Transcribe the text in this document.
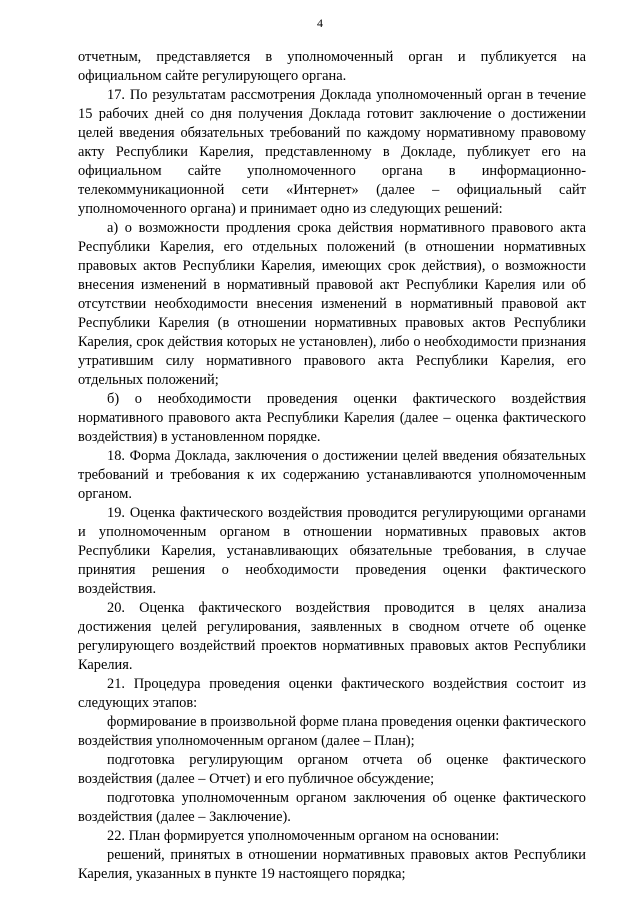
4

отчетным, представляется в уполномоченный орган и публикуется на официальном сайте регулирующего органа.

17. По результатам рассмотрения Доклада уполномоченный орган в течение 15 рабочих дней со дня получения Доклада готовит заключение о достижении целей введения обязательных требований по каждому нормативному правовому акту Республики Карелия, представленному в Докладе, публикует его на официальном сайте уполномоченного органа в информационно-телекоммуникационной сети «Интернет» (далее – официальный сайт уполномоченного органа) и принимает одно из следующих решений:

а) о возможности продления срока действия нормативного правового акта Республики Карелия, его отдельных положений (в отношении нормативных правовых актов Республики Карелия, имеющих срок действия), о возможности внесения изменений в нормативный правовой акт Республики Карелия или об отсутствии необходимости внесения изменений в нормативный правовой акт Республики Карелия (в отношении нормативных правовых актов Республики Карелия, срок действия которых не установлен), либо о необходимости признания утратившим силу нормативного правового акта Республики Карелия, его отдельных положений;

б) о необходимости проведения оценки фактического воздействия нормативного правового акта Республики Карелия (далее – оценка фактического воздействия) в установленном порядке.

18. Форма Доклада, заключения о достижении целей введения обязательных требований и требования к их содержанию устанавливаются уполномоченным органом.

19. Оценка фактического воздействия проводится регулирующими органами и уполномоченным органом в отношении нормативных правовых актов Республики Карелия, устанавливающих обязательные требования, в случае принятия решения о необходимости проведения оценки фактического воздействия.

20. Оценка фактического воздействия проводится в целях анализа достижения целей регулирования, заявленных в сводном отчете об оценке регулирующего воздействий проектов нормативных правовых актов Республики Карелия.

21. Процедура проведения оценки фактического воздействия состоит из следующих этапов:

формирование в произвольной форме плана проведения оценки фактического воздействия уполномоченным органом (далее – План);

подготовка регулирующим органом отчета об оценке фактического воздействия (далее – Отчет) и его публичное обсуждение;

подготовка уполномоченным органом заключения об оценке фактического воздействия (далее – Заключение).

22. План формируется уполномоченным органом на основании:

решений, принятых в отношении нормативных правовых актов Республики Карелия, указанных в пункте 19 настоящего порядка;
